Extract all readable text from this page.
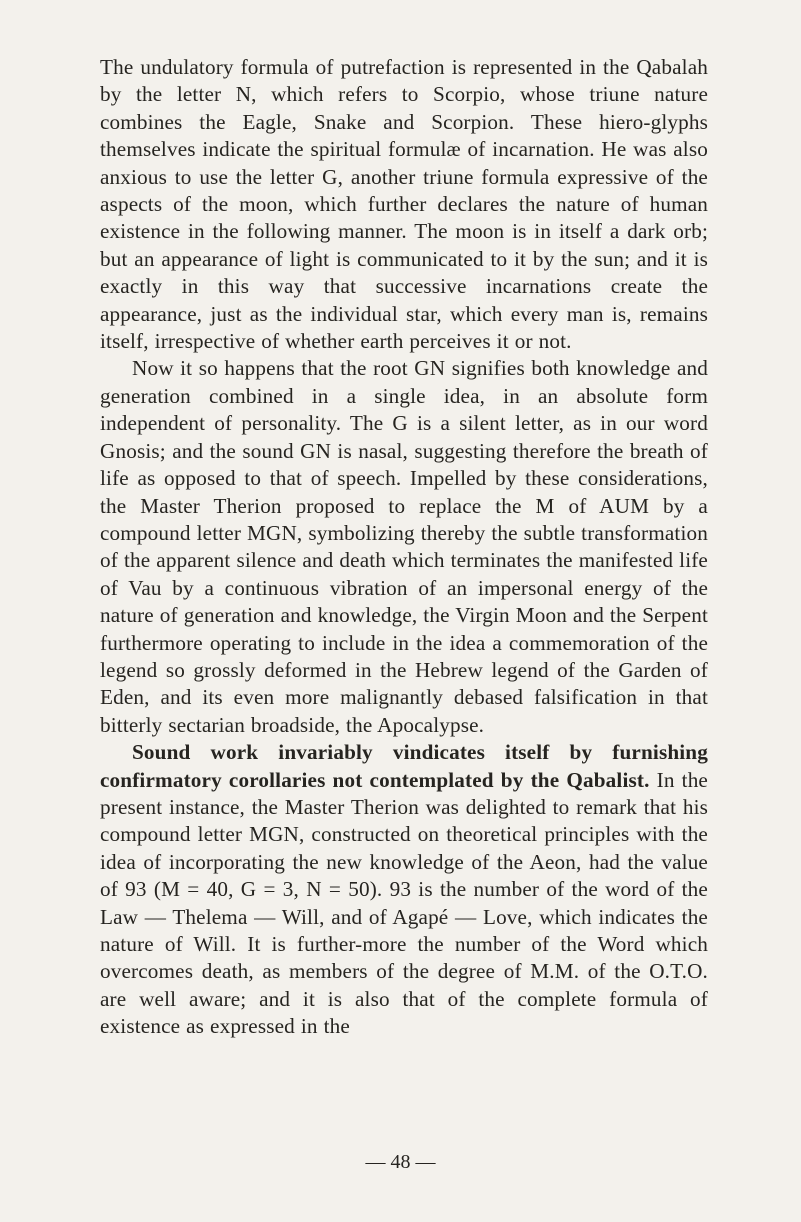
The undulatory formula of putrefaction is represented in the Qabalah by the letter N, which refers to Scorpio, whose triune nature combines the Eagle, Snake and Scorpion. These hiero-glyphs themselves indicate the spiritual formulæ of incarnation. He was also anxious to use the letter G, another triune formula expressive of the aspects of the moon, which further declares the nature of human existence in the following manner. The moon is in itself a dark orb; but an appearance of light is communicated to it by the sun; and it is exactly in this way that successive incarnations create the appearance, just as the individual star, which every man is, remains itself, irrespective of whether earth perceives it or not.

Now it so happens that the root GN signifies both knowledge and generation combined in a single idea, in an absolute form independent of personality. The G is a silent letter, as in our word Gnosis; and the sound GN is nasal, suggesting therefore the breath of life as opposed to that of speech. Impelled by these considerations, the Master Therion proposed to replace the M of AUM by a compound letter MGN, symbolizing thereby the subtle transformation of the apparent silence and death which terminates the manifested life of Vau by a continuous vibration of an impersonal energy of the nature of generation and knowledge, the Virgin Moon and the Serpent furthermore operating to include in the idea a commemoration of the legend so grossly deformed in the Hebrew legend of the Garden of Eden, and its even more malignantly debased falsification in that bitterly sectarian broadside, the Apocalypse.

Sound work invariably vindicates itself by furnishing confirmatory corollaries not contemplated by the Qabalist. In the present instance, the Master Therion was delighted to remark that his compound letter MGN, constructed on theoretical principles with the idea of incorporating the new knowledge of the Aeon, had the value of 93 (M = 40, G = 3, N = 50). 93 is the number of the word of the Law — Thelema — Will, and of Agapé — Love, which indicates the nature of Will. It is further-more the number of the Word which overcomes death, as members of the degree of M.M. of the O.T.O. are well aware; and it is also that of the complete formula of existence as expressed in the

— 48 —
